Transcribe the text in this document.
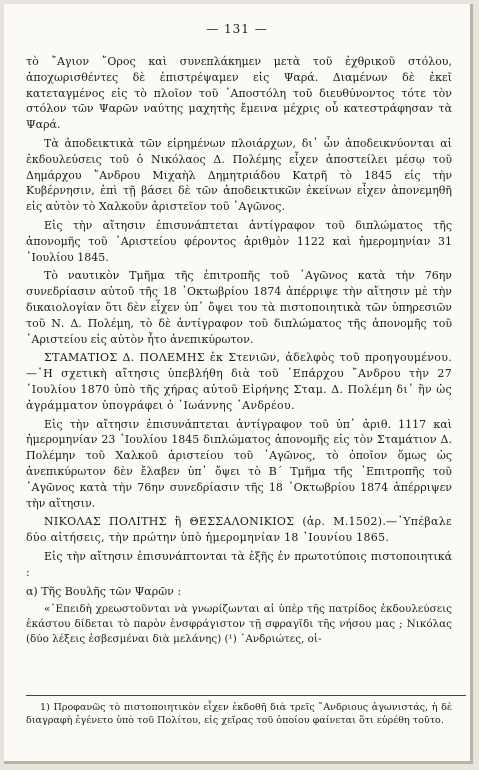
— 131 —

τὸ ῎Αγιον ῎Ορος καὶ συνεπλάκημεν μετὰ τοῦ ἐχθρικοῦ στόλου, ἀποχωρισθέντες δὲ ἐπιστρέψαμεν εἰς Ψαρά. Διαμένων δὲ ἐκεῖ κατεταγμένος εἰς τὸ πλοῖον τοῦ ᾿Αποστόλη τοῦ διευθύνοντος τότε τὸν στόλον τῶν Ψαρῶν ναύτης μαχητὴς ἔμεινα μέχρις οὗ κατεστράφησαν τὰ Ψαρά.

Τὰ ἀποδεικτικὰ τῶν εἰρημένων πλοιάρχων, δι᾿ ὧν ἀποδεικνύονται αἱ ἐκδουλεύσεις τοῦ ὁ Νικόλαος Δ. Πολέμης εἶχεν ἀποστείλει μέσῳ τοῦ Δημάρχου ῎Ανδρου Μιχαὴλ Δημητριάδου Κατρῆ τὸ 1845 εἰς τὴν Κυβέρνησιν, ἐπὶ τῇ βάσει δὲ τῶν ἀποδεικτικῶν ἐκείνων εἶχεν ἀπονεμηθῆ εἰς αὐτὸν τὸ Χαλκοῦν ἀριστεῖον τοῦ ᾿Αγῶνος.

Εἰς τὴν αἴτησιν ἐπισυνάπτεται ἀντίγραφον τοῦ διπλώματος τῆς ἀπονομῆς τοῦ ᾿Αριστείου φέροντος ἀριθμὸν 1122 καὶ ἡμερομηνίαν 31 ᾿Ιουλίου 1845.

Τὸ ναυτικὸν Τμῆμα τῆς ἐπιτροπῆς τοῦ ᾿Αγῶνος κατὰ τὴν 76ην συνεδρίασιν αὐτοῦ τῆς 18 ᾿Οκτωβρίου 1874 ἀπέρριψε τὴν αἴτησιν μὲ τὴν δικαιολογίαν ὅτι δὲν εἶχεν ὑπ᾿ ὄψει του τὰ πιστοποιητικὰ τῶν ὑπηρεσιῶν τοῦ Ν. Δ. Πολέμη, τὸ δὲ ἀντίγραφον τοῦ διπλώματος τῆς ἀπονομῆς τοῦ ᾿Αριστείου εἰς αὐτὸν ἦτο ἀνεπικύρωτον.

ΣΤΑΜΑΤΙΟΣ Δ. ΠΟΛΕΜΗΣ ἐκ Στενιῶν, ἀδελφὸς τοῦ προηγουμένου.—῾Η σχετικὴ αἴτησις ὑπεβλήθη διὰ τοῦ ᾿Επάρχου ῎Ανδρου τὴν 27 ᾿Ιουλίου 1870 ὑπὸ τῆς χήρας αὐτοῦ Εἰρήνης Σταμ. Δ. Πολέμη δι᾿ ἣν ὡς ἀγράμματον ὑπογράφει ὁ ᾿Ιωάννης ᾿Ανδρέου.

Εἰς τὴν αἴτησιν ἐπισυνάπτεται ἀντίγραφον τοῦ ὑπ᾿ ἀριθ. 1117 καὶ ἡμερομηνίαν 23 ᾿Ιουλίου 1845 διπλώματος ἀπονομῆς εἰς τὸν Σταμάτιον Δ. Πολέμην τοῦ Χαλκοῦ ἀριστείου τοῦ ᾿Αγῶνος, τὸ ὁποῖον ὅμως ὡς ἀνεπικύρωτον δὲν ἔλαβεν ὑπ᾿ ὄψει τὸ Β΄ Τμῆμα τῆς ᾿Επιτροπῆς τοῦ ᾿Αγῶνος κατὰ τὴν 76ην συνεδρίασιν τῆς 18 ᾿Οκτωβρίου 1874 ἀπέρριψεν τὴν αἴτησιν.

ΝΙΚΟΛΑΣ ΠΟΛΙΤΗΣ ἢ ΘΕΣΣΑΛΟΝΙΚΙΟΣ (ἀρ. Μ.1502).—῾Υπέβαλε δύο αἰτήσεις, τὴν πρώτην ὑπὸ ἡμερομηνίαν 18 ᾿Ιουνίου 1865.

Εἰς τὴν αἴτησιν ἐπισυνάπτονται τὰ ἑξῆς ἐν πρωτοτύποις πιστοποιητικά :

α) Τῆς Βουλῆς τῶν Ψαρῶν :

«᾿Επειδὴ χρεωστοῦνται νὰ γνωρίζωνται αἱ ὑπὲρ τῆς πατρίδος ἐκδουλεύσεις ἑκάστου δίδεται τὸ παρὸν ἐνσφράγιστον τῇ σφραγῖδι τῆς νήσου μας ; Νικόλας (δύο λέξεις ἐσβεσμέναι διὰ μελάνης) (¹) ᾿Ανδριώτες, οἰ-

1) Προφανῶς τὸ πιστοποιητικὸν εἶχεν ἐκδοθῆ διὰ τρεῖς ῎Ανδριους ἀγωνιστάς, ἡ δὲ διαγραφὴ ἐγένετο ὑπὸ τοῦ Πολίτου, εἰς χεῖρας τοῦ ὁποίου φαίνεται ὅτι εὑρέθη τοῦτο.
